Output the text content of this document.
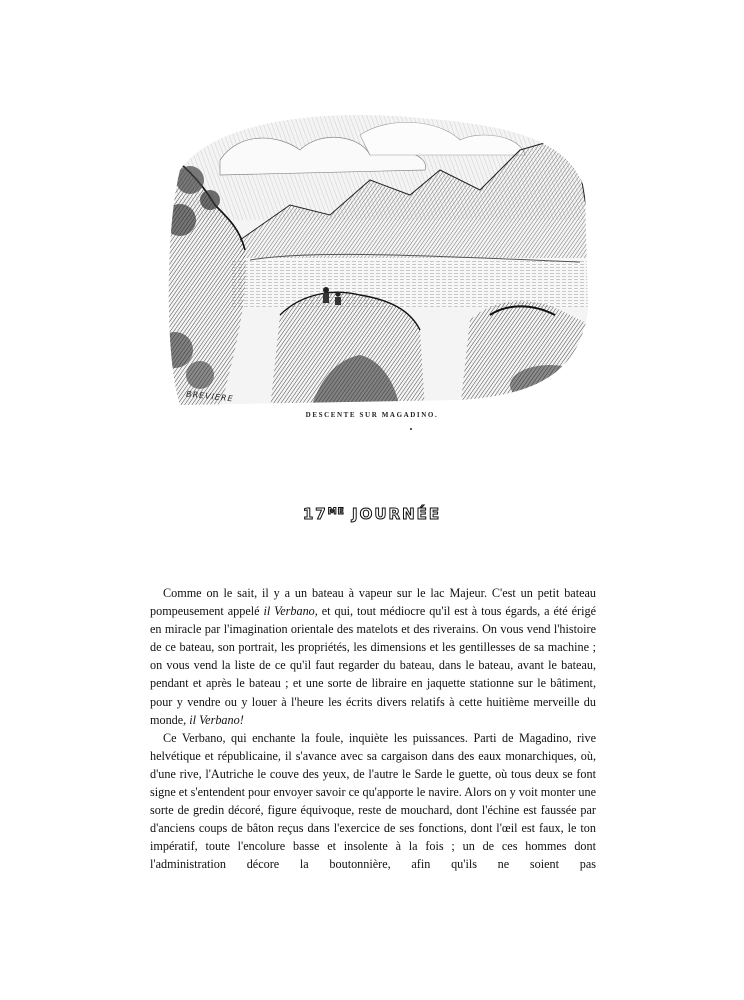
BREVIERE
DESCENTE SUR MAGADINO.
$17^{ME}$ JOURNÉE

Comme on le sait, il y a un bateau à vapeur sur le lac Majeur. C'est un petit bateau pompeusement appelé il Verbano, et qui, tout médiocre qu'il est à tous égards, a été érigé en miracle par l'imagination orientale des matelots et des riverains. On vous vend l'histoire de ce bateau, son portrait, les propriétés, les dimensions et les gentillesses de sa machine ; on vous vend la liste de ce qu'il faut regarder du bateau, dans le bateau, avant le bateau, pendant et après le bateau ; et une sorte de libraire en jaquette stationne sur le bâtiment, pour y vendre ou y louer à l'heure les écrits divers relatifs à cette huitième merveille du monde, il Verbano!

Ce Verbano, qui enchante la foule, inquiète les puissances. Parti de Magadino, rive helvétique et républicaine, il s'avance avec sa cargaison dans des eaux monarchiques, où, d'une rive, l'Autriche le couve des yeux, de l'autre le Sarde le guette, où tous deux se font signe et s'entendent pour envoyer savoir ce qu'apporte le navire. Alors on y voit monter une sorte de gredin décoré, figure équivoque, reste de mouchard, dont l'échine est faussée par d'anciens coups de bâton reçus dans l'exercice de ses fonctions, dont l'œil est faux, le ton impératif, toute l'encolure basse et insolente à la fois ; un de ces hommes dont l'administration décore la boutonnière, afin qu'ils ne soient pas
